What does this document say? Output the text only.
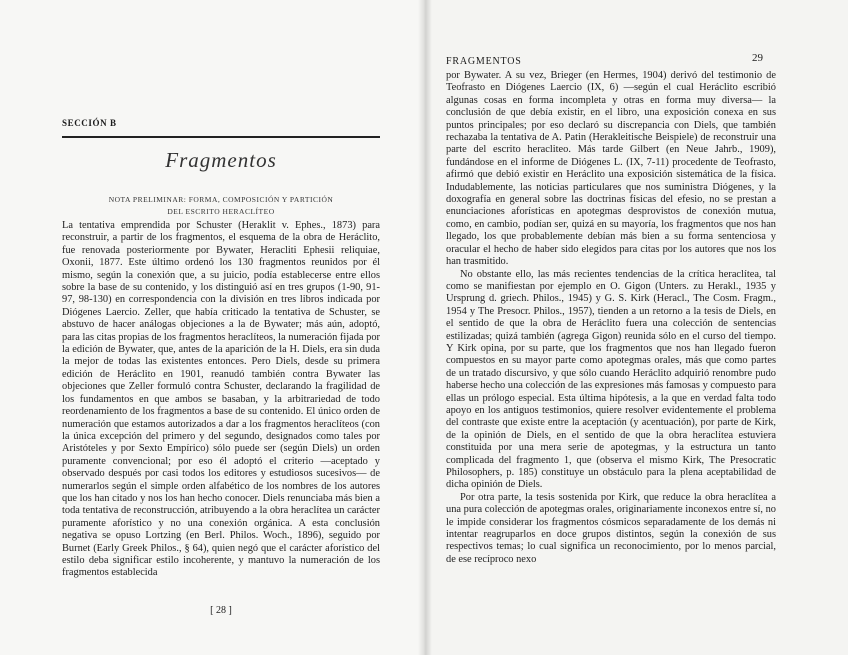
SECCIÓN B
Fragmentos
NOTA PRELIMINAR: FORMA, COMPOSICIÓN Y PARTICIÓN
DEL ESCRITO HERACLÍTEO

La tentativa emprendida por Schuster (Heraklit v. Ephes., 1873) para reconstruir, a partir de los fragmentos, el esquema de la obra de Heráclito, fue renovada posteriormente por Bywater, Heracliti Ephesii reliquiae, Oxonii, 1877. Este último ordenó los 130 fragmentos reunidos por él mismo, según la conexión que, a su juicio, podía establecerse entre ellos sobre la base de su contenido, y los distinguió así en tres grupos (1-90, 91-97, 98-130) en correspondencia con la división en tres libros indicada por Diógenes Laercio. Zeller, que había criticado la tentativa de Schuster, se abstuvo de hacer análogas objeciones a la de Bywater; más aún, adoptó, para las citas propias de los fragmentos heraclíteos, la numeración fijada por la edición de Bywater, que, antes de la aparición de la H. Diels, era sin duda la mejor de todas las existentes entonces. Pero Diels, desde su primera edición de Heráclito en 1901, reanudó también contra Bywater las objeciones que Zeller formuló contra Schuster, declarando la fragilidad de los fundamentos en que ambos se basaban, y la arbitrariedad de todo reordenamiento de los fragmentos a base de su contenido. El único orden de numeración que estamos autorizados a dar a los fragmentos heraclíteos (con la única excepción del primero y del segundo, designados como tales por Aristóteles y por Sexto Empírico) sólo puede ser (según Diels) un orden puramente convencional; por eso él adoptó el criterio —aceptado y observado después por casi todos los editores y estudiosos sucesivos— de numerarlos según el simple orden alfabético de los nombres de los autores que los han citado y nos los han hecho conocer. Diels renunciaba más bien a toda tentativa de reconstrucción, atribuyendo a la obra heraclítea un carácter puramente aforístico y no una conexión orgánica. A esta conclusión negativa se opuso Lortzing (en Berl. Philos. Woch., 1896), seguido por Burnet (Early Greek Philos., § 64), quien negó que el carácter aforístico del estilo deba significar estilo incoherente, y mantuvo la numeración de los fragmentos establecida

[ 28 ]
FRAGMENTOS	29

por Bywater. A su vez, Brieger (en Hermes, 1904) derivó del testimonio de Teofrasto en Diógenes Laercio (IX, 6) —según el cual Heráclito escribió algunas cosas en forma incompleta y otras en forma muy diversa— la conclusión de que debía existir, en el libro, una exposición conexa en sus puntos principales; por eso declaró su discrepancia con Diels, que también rechazaba la tentativa de A. Patin (Herakleitische Beispiele) de reconstruir una parte del escrito heracliteo. Más tarde Gilbert (en Neue Jahrb., 1909), fundándose en el informe de Diógenes L. (IX, 7-11) procedente de Teofrasto, afirmó que debió existir en Heráclito una exposición sistemática de la física. Indudablemente, las noticias particulares que nos suministra Diógenes, y la doxografía en general sobre las doctrinas físicas del efesio, no se prestan a enunciaciones aforísticas en apotegmas desprovistos de conexión mutua, como, en cambio, podían ser, quizá en su mayoría, los fragmentos que nos han llegado, los que probablemente debían más bien a su forma sentenciosa y oracular el hecho de haber sido elegidos para citas por los autores que nos los han trasmitido.

No obstante ello, las más recientes tendencias de la crítica heraclítea, tal como se manifiestan por ejemplo en O. Gigon (Unters. zu Herakl., 1935 y Ursprung d. griech. Philos., 1945) y G. S. Kirk (Heracl., The Cosm. Fragm., 1954 y The Presocr. Philos., 1957), tienden a un retorno a la tesis de Diels, en el sentido de que la obra de Heráclito fuera una colección de sentencias estilizadas; quizá también (agrega Gigon) reunida sólo en el curso del tiempo. Y Kirk opina, por su parte, que los fragmentos que nos han llegado fueron compuestos en su mayor parte como apotegmas orales, más que como partes de un tratado discursivo, y que sólo cuando Heráclito adquirió renombre pudo haberse hecho una colección de las expresiones más famosas y compuesto para ellas un prólogo especial. Esta última hipótesis, a la que en verdad falta todo apoyo en los antiguos testimonios, quiere resolver evidentemente el problema del contraste que existe entre la aceptación (y acentuación), por parte de Kirk, de la opinión de Diels, en el sentido de que la obra heraclítea estuviera constituida por una mera serie de apotegmas, y la estructura un tanto complicada del fragmento 1, que (observa el mismo Kirk, The Presocratic Philosophers, p. 185) constituye un obstáculo para la plena aceptabilidad de dicha opinión de Diels.

Por otra parte, la tesis sostenida por Kirk, que reduce la obra heraclítea a una pura colección de apotegmas orales, originariamente inconexos entre sí, no le impide considerar los fragmentos cósmicos separadamente de los demás ni intentar reagruparlos en doce grupos distintos, según la conexión de sus respectivos temas; lo cual significa un reconocimiento, por lo menos parcial, de ese recíproco nexo
